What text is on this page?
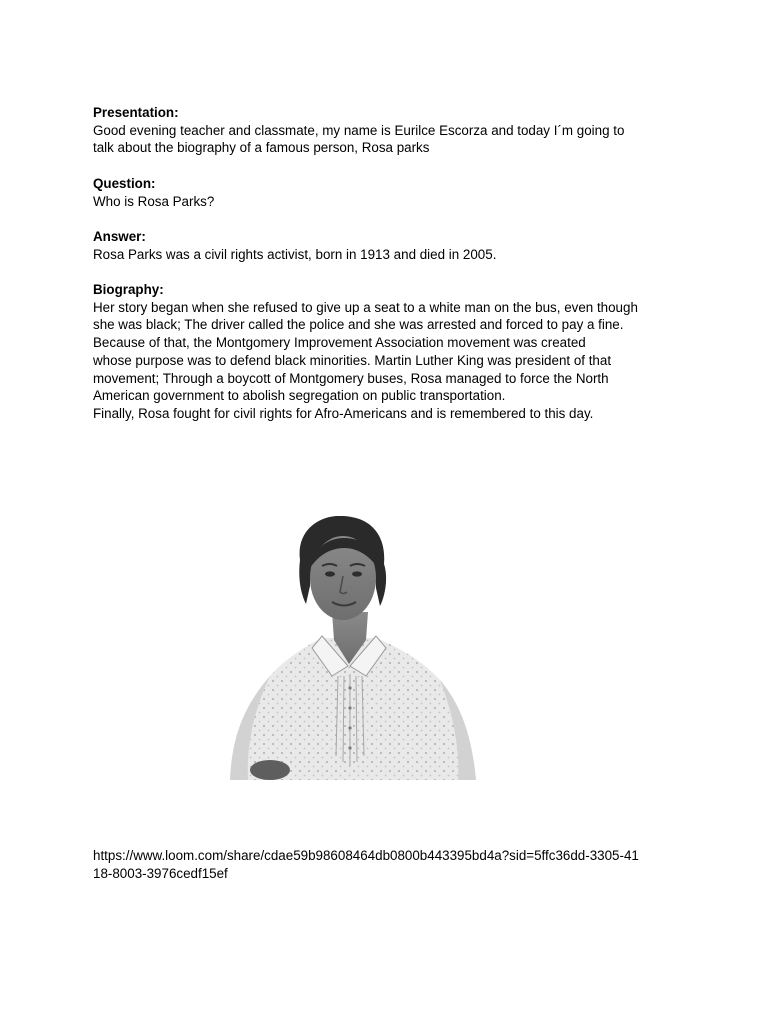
Presentation:
Good evening teacher and classmate, my name is Eurilce Escorza and today I´m going to
talk about the biography of a famous person, Rosa parks
Question:
Who is Rosa Parks?
Answer:
Rosa Parks was a civil rights activist, born in 1913 and died in 2005.
Biography:
Her story began when she refused to give up a seat to a white man on the bus, even though
she was black; The driver called the police and she was arrested and forced to pay a fine.
Because of that, the Montgomery Improvement Association movement was created
whose purpose was to defend black minorities. Martin Luther King was president of that
movement; Through a boycott of Montgomery buses, Rosa managed to force the North
American government to abolish segregation on public transportation.
Finally, Rosa fought for civil rights for Afro-Americans and is remembered to this day.
https://www.loom.com/share/cdae59b98608464db0800b443395bd4a?sid=5ffc36dd-3305-41
18-8003-3976cedf15ef
